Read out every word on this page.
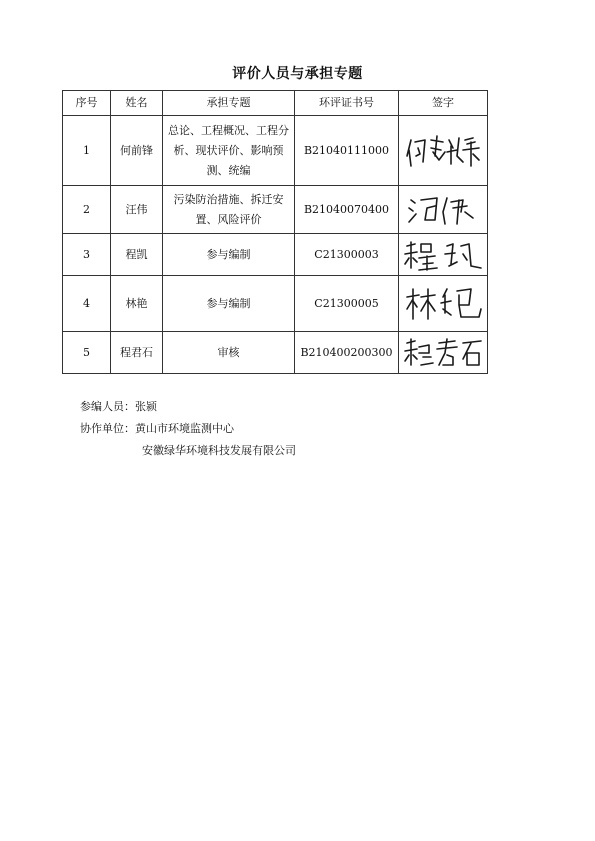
评价人员与承担专题
序号	姓名	承担专题	环评证书号	签字
1	何前锋	总论、工程概况、工程分析、现状评价、影响预测、统编	B21040111000	

2	汪伟	污染防治措施、拆迁安置、风险评价	B21040070400	

3	程凯	参与编制	C21300003	

4	林艳	参与编制	C21300005	

5	程君石	审核	B210400200300	
参编人员：张颍
协作单位：黄山市环境监测中心
安徽绿华环境科技发展有限公司
